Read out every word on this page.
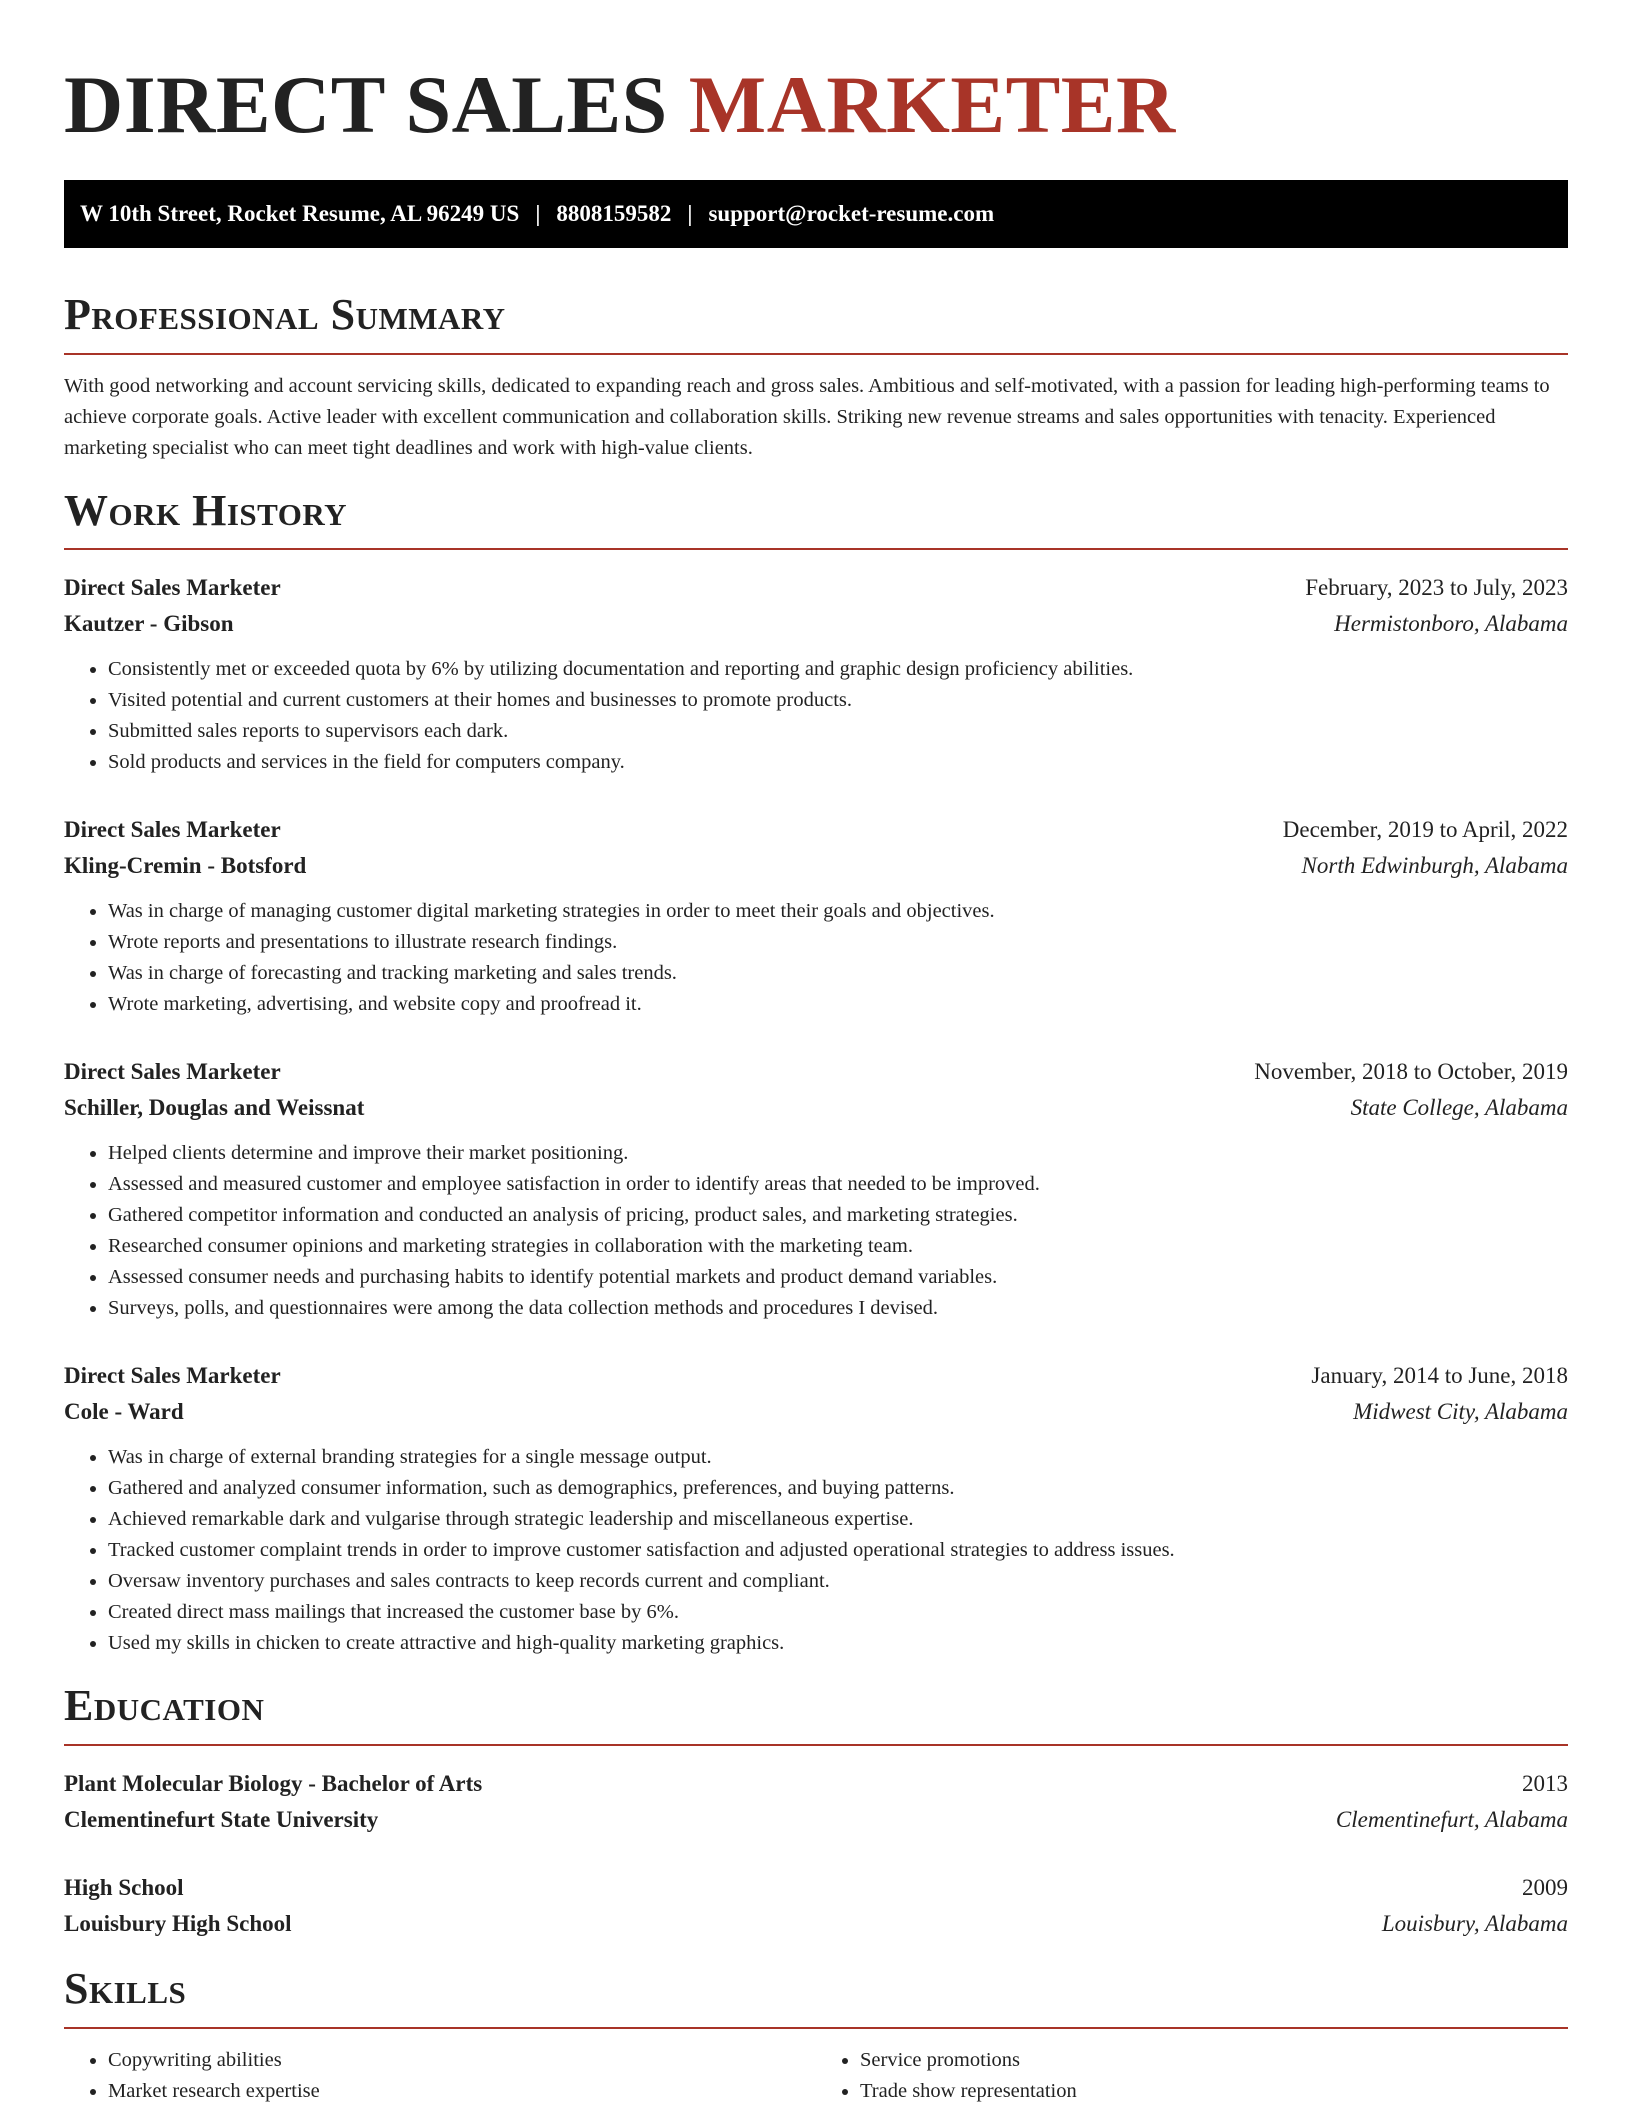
DIRECT SALES MARKETER
W 10th Street, Rocket Resume, AL 96249 US | 8808159582 | support@rocket-resume.com
Professional Summary
With good networking and account servicing skills, dedicated to expanding reach and gross sales. Ambitious and self-motivated, with a passion for leading high-performing teams to achieve corporate goals. Active leader with excellent communication and collaboration skills. Striking new revenue streams and sales opportunities with tenacity. Experienced marketing specialist who can meet tight deadlines and work with high-value clients.
Work History
Direct Sales Marketer	February, 2023 to July, 2023
Kautzer - Gibson	Hermistonboro, Alabama
• Consistently met or exceeded quota by 6% by utilizing documentation and reporting and graphic design proficiency abilities.
• Visited potential and current customers at their homes and businesses to promote products.
• Submitted sales reports to supervisors each dark.
• Sold products and services in the field for computers company.
Direct Sales Marketer	December, 2019 to April, 2022
Kling-Cremin - Botsford	North Edwinburgh, Alabama
• Was in charge of managing customer digital marketing strategies in order to meet their goals and objectives.
• Wrote reports and presentations to illustrate research findings.
• Was in charge of forecasting and tracking marketing and sales trends.
• Wrote marketing, advertising, and website copy and proofread it.
Direct Sales Marketer	November, 2018 to October, 2019
Schiller, Douglas and Weissnat	State College, Alabama
• Helped clients determine and improve their market positioning.
• Assessed and measured customer and employee satisfaction in order to identify areas that needed to be improved.
• Gathered competitor information and conducted an analysis of pricing, product sales, and marketing strategies.
• Researched consumer opinions and marketing strategies in collaboration with the marketing team.
• Assessed consumer needs and purchasing habits to identify potential markets and product demand variables.
• Surveys, polls, and questionnaires were among the data collection methods and procedures I devised.
Direct Sales Marketer	January, 2014 to June, 2018
Cole - Ward	Midwest City, Alabama
• Was in charge of external branding strategies for a single message output.
• Gathered and analyzed consumer information, such as demographics, preferences, and buying patterns.
• Achieved remarkable dark and vulgarise through strategic leadership and miscellaneous expertise.
• Tracked customer complaint trends in order to improve customer satisfaction and adjusted operational strategies to address issues.
• Oversaw inventory purchases and sales contracts to keep records current and compliant.
• Created direct mass mailings that increased the customer base by 6%.
• Used my skills in chicken to create attractive and high-quality marketing graphics.
Education
Plant Molecular Biology - Bachelor of Arts	2013
Clementinefurt State University	Clementinefurt, Alabama
High School	2009
Louisbury High School	Louisbury, Alabama
Skills
• Copywriting abilities
• Market research expertise
• Service promotions
• Trade show representation
